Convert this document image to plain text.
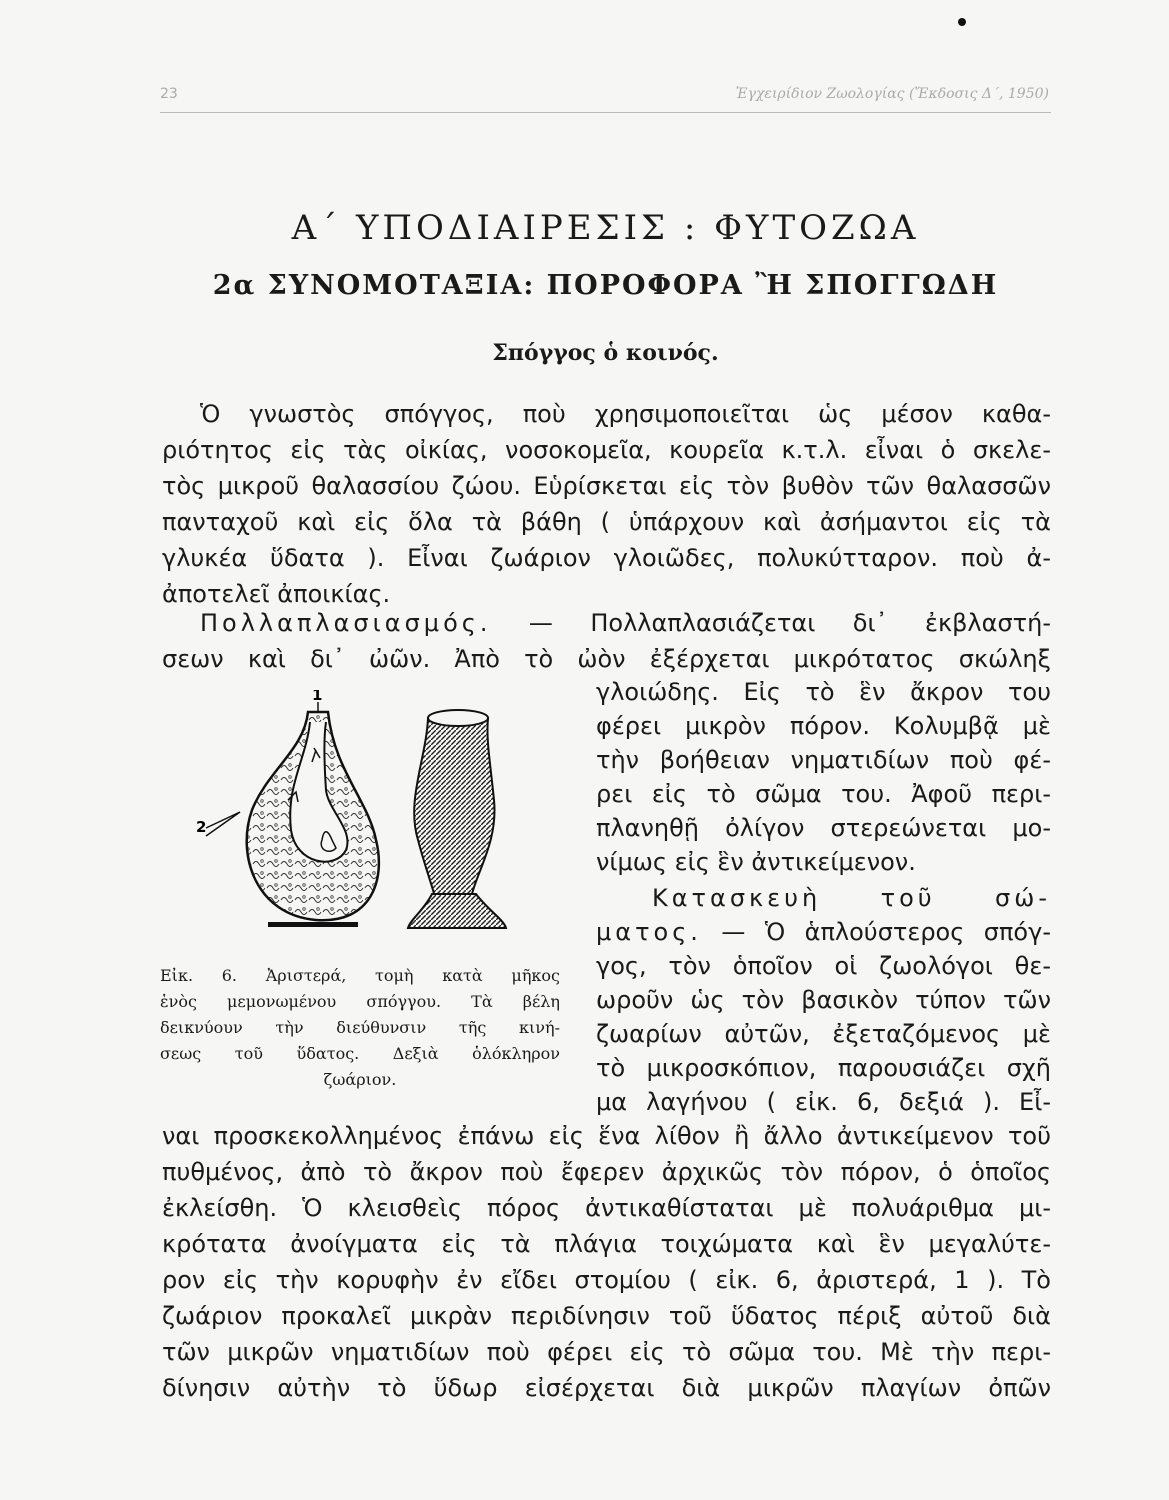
23	Ἐγχειρίδιον Ζωολογίας (Ἔκδοσις Δ΄, 1950)
Α΄ ΥΠΟΔΙΑΙΡΕΣΙΣ : ΦΥΤΟΖΩΑ
2α ΣΥΝΟΜΟΤΑΞΙΑ: ΠΟΡΟΦΟΡΑ Ἢ ΣΠΟΓΓΩΔΗ
Σπόγγος ὁ κοινός.
Ὁ γνωστὸς σπόγγος, ποὺ χρησιμοποιεῖται ὡς μέσον καθα-
ριότητος εἰς τὰς οἰκίας, νοσοκομεῖα, κουρεῖα κ.τ.λ. εἶναι ὁ σκελε-
τὸς μικροῦ θαλασσίου ζώου. Εὑρίσκεται εἰς τὸν βυθὸν τῶν θαλασσῶν
πανταχοῦ καὶ εἰς ὅλα τὰ βάθη ( ὑπάρχουν καὶ ἀσήμαντοι εἰς τὰ
γλυκέα ὕδατα ). Εἶναι ζωάριον γλοιῶδες, πολυκύτταρον. ποὺ ἀ-
ἀποτελεῖ ἀποικίας.
Πολλαπλασιασμός. — Πολλαπλασιάζεται δι᾿ ἐκβλαστή-
σεων καὶ δι᾿ ὠῶν. Ἀπὸ τὸ ὠὸν ἐξέρχεται μικρότατος σκώληξ
γλοιώδης. Εἰς τὸ ἓν ἄκρον του
φέρει μικρὸν πόρον. Κολυμβᾷ μὲ
τὴν βοήθειαν νηματιδίων ποὺ φέ-
ρει εἰς τὸ σῶμα του. Ἀφοῦ περι-
πλανηθῇ ὀλίγον στερεώνεται μο-
νίμως εἰς ἓν ἀντικείμενον.
Κατασκευὴ τοῦ σώ-
ματος. — Ὁ ἁπλούστερος σπόγ-
γος, τὸν ὁποῖον οἱ ζωολόγοι θε-
ωροῦν ὡς τὸν βασικὸν τύπον τῶν
ζωαρίων αὐτῶν, ἐξεταζόμενος μὲ
τὸ μικροσκόπιον, παρουσιάζει σχῆ
μα λαγήνου ( εἰκ. 6, δεξιά ). Εἶ-
ναι προσκεκολλημένος ἐπάνω εἰς ἕνα λίθον ἢ ἄλλο ἀντικείμενον τοῦ
πυθμένος, ἀπὸ τὸ ἄκρον ποὺ ἔφερεν ἀρχικῶς τὸν πόρον, ὁ ὁποῖος
ἐκλείσθη. Ὁ κλεισθεὶς πόρος ἀντικαθίσταται μὲ πολυάριθμα μι-
κρότατα ἀνοίγματα εἰς τὰ πλάγια τοιχώματα καὶ ἓν μεγαλύτε-
ρον εἰς τὴν κορυφὴν ἐν εἴδει στομίου ( εἰκ. 6, ἀριστερά, 1 ). Τὸ
ζωάριον προκαλεῖ μικρὰν περιδίνησιν τοῦ ὕδατος πέριξ αὐτοῦ διὰ
τῶν μικρῶν νηματιδίων ποὺ φέρει εἰς τὸ σῶμα του. Μὲ τὴν περι-
δίνησιν αὐτὴν τὸ ὕδωρ εἰσέρχεται διὰ μικρῶν πλαγίων ὀπῶν
1
2
Εἰκ. 6. Ἀριστερά, τομὴ κατὰ μῆκος
ἑνὸς μεμονωμένου σπόγγου. Τὰ βέλη
δεικνύουν τὴν διεύθυνσιν τῆς κινή-
σεως τοῦ ὕδατος. Δεξιὰ ὁλόκληρον
ζωάριον.
